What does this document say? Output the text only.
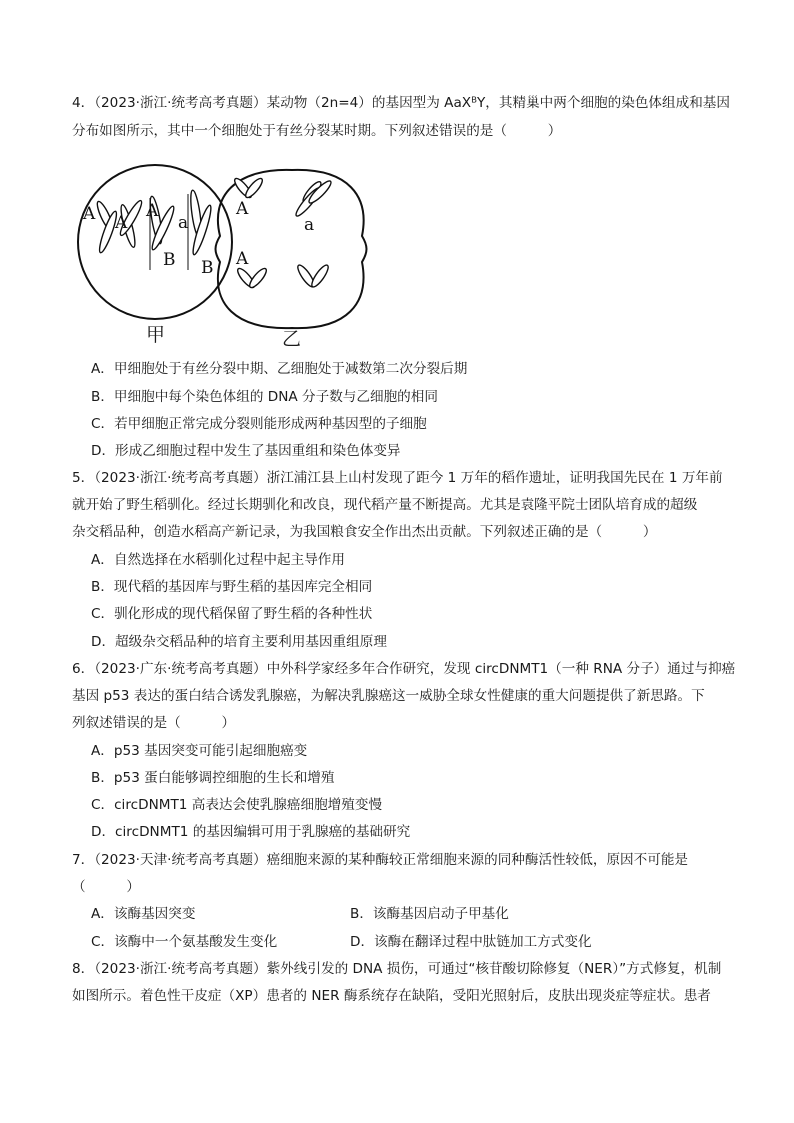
4．（2023·浙江·统考高考真题）某动物（2n=4）的基因型为 AaXᴮY，其精巢中两个细胞的染色体组成和基因
分布如图所示，其中一个细胞处于有丝分裂某时期。下列叙述错误的是（　　　）
A A
A
a
B B
A
a
A
甲	乙
A．甲细胞处于有丝分裂中期、乙细胞处于减数第二次分裂后期
B．甲细胞中每个染色体组的 DNA 分子数与乙细胞的相同
C．若甲细胞正常完成分裂则能形成两种基因型的子细胞
D．形成乙细胞过程中发生了基因重组和染色体变异
5．（2023·浙江·统考高考真题）浙江浦江县上山村发现了距今 1 万年的稻作遗址，证明我国先民在 1 万年前
就开始了野生稻驯化。经过长期驯化和改良，现代稻产量不断提高。尤其是袁隆平院士团队培育成的超级
杂交稻品种，创造水稻高产新记录，为我国粮食安全作出杰出贡献。下列叙述正确的是（　　　）
A．自然选择在水稻驯化过程中起主导作用
B．现代稻的基因库与野生稻的基因库完全相同
C．驯化形成的现代稻保留了野生稻的各种性状
D．超级杂交稻品种的培育主要利用基因重组原理
6．（2023·广东·统考高考真题）中外科学家经多年合作研究，发现 circDNMT1（一种 RNA 分子）通过与抑癌
基因 p53 表达的蛋白结合诱发乳腺癌，为解决乳腺癌这一威胁全球女性健康的重大问题提供了新思路。下
列叙述错误的是（　　　）
A．p53 基因突变可能引起细胞癌变
B．p53 蛋白能够调控细胞的生长和增殖
C．circDNMT1 高表达会使乳腺癌细胞增殖变慢
D．circDNMT1 的基因编辑可用于乳腺癌的基础研究
7．（2023·天津·统考高考真题）癌细胞来源的某种酶较正常细胞来源的同种酶活性较低，原因不可能是
（　　　）
A．该酶基因突变	B．该酶基因启动子甲基化
C．该酶中一个氨基酸发生变化	D．该酶在翻译过程中肽链加工方式变化
8．（2023·浙江·统考高考真题）紫外线引发的 DNA 损伤，可通过“核苷酸切除修复（NER）”方式修复，机制
如图所示。着色性干皮症（XP）患者的 NER 酶系统存在缺陷，受阳光照射后，皮肤出现炎症等症状。患者
